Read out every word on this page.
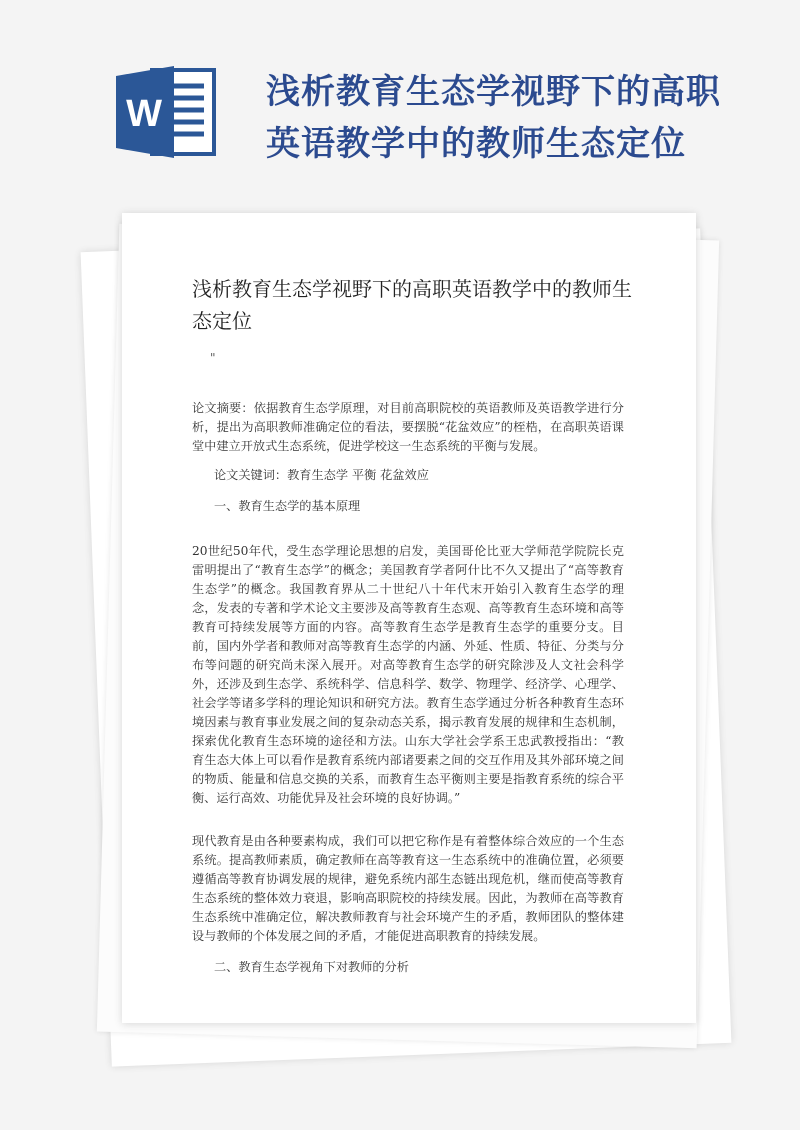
W
浅析教育生态学视野下的高职
英语教学中的教师生态定位
浅析教育生态学视野下的高职英语教学中的教师生态定位
"

论文摘要：依据教育生态学原理，对目前高职院校的英语教师及英语教学进行分析，提出为高职教师准确定位的看法，要摆脱“花盆效应”的桎梏，在高职英语课堂中建立开放式生态系统，促进学校这一生态系统的平衡与发展。

论文关键词：教育生态学 平衡 花盆效应

一、教育生态学的基本原理

20世纪50年代，受生态学理论思想的启发，美国哥伦比亚大学师范学院院长克雷明提出了“教育生态学”的概念；美国教育学者阿什比不久又提出了“高等教育生态学”的概念。我国教育界从二十世纪八十年代末开始引入教育生态学的理念，发表的专著和学术论文主要涉及高等教育生态观、高等教育生态环境和高等教育可持续发展等方面的内容。高等教育生态学是教育生态学的重要分支。目前，国内外学者和教师对高等教育生态学的内涵、外延、性质、特征、分类与分布等问题的研究尚未深入展开。对高等教育生态学的研究除涉及人文社会科学外，还涉及到生态学、系统科学、信息科学、数学、物理学、经济学、心理学、社会学等诸多学科的理论知识和研究方法。教育生态学通过分析各种教育生态环境因素与教育事业发展之间的复杂动态关系，揭示教育发展的规律和生态机制，探索优化教育生态环境的途径和方法。山东大学社会学系王忠武教授指出：“教育生态大体上可以看作是教育系统内部诸要素之间的交互作用及其外部环境之间的物质、能量和信息交换的关系，而教育生态平衡则主要是指教育系统的综合平衡、运行高效、功能优异及社会环境的良好协调。”

现代教育是由各种要素构成，我们可以把它称作是有着整体综合效应的一个生态系统。提高教师素质，确定教师在高等教育这一生态系统中的准确位置，必须要遵循高等教育协调发展的规律，避免系统内部生态链出现危机，继而使高等教育生态系统的整体效力衰退，影响高职院校的持续发展。因此，为教师在高等教育生态系统中准确定位，解决教师教育与社会环境产生的矛盾，教师团队的整体建设与教师的个体发展之间的矛盾，才能促进高职教育的持续发展。

二、教育生态学视角下对教师的分析
